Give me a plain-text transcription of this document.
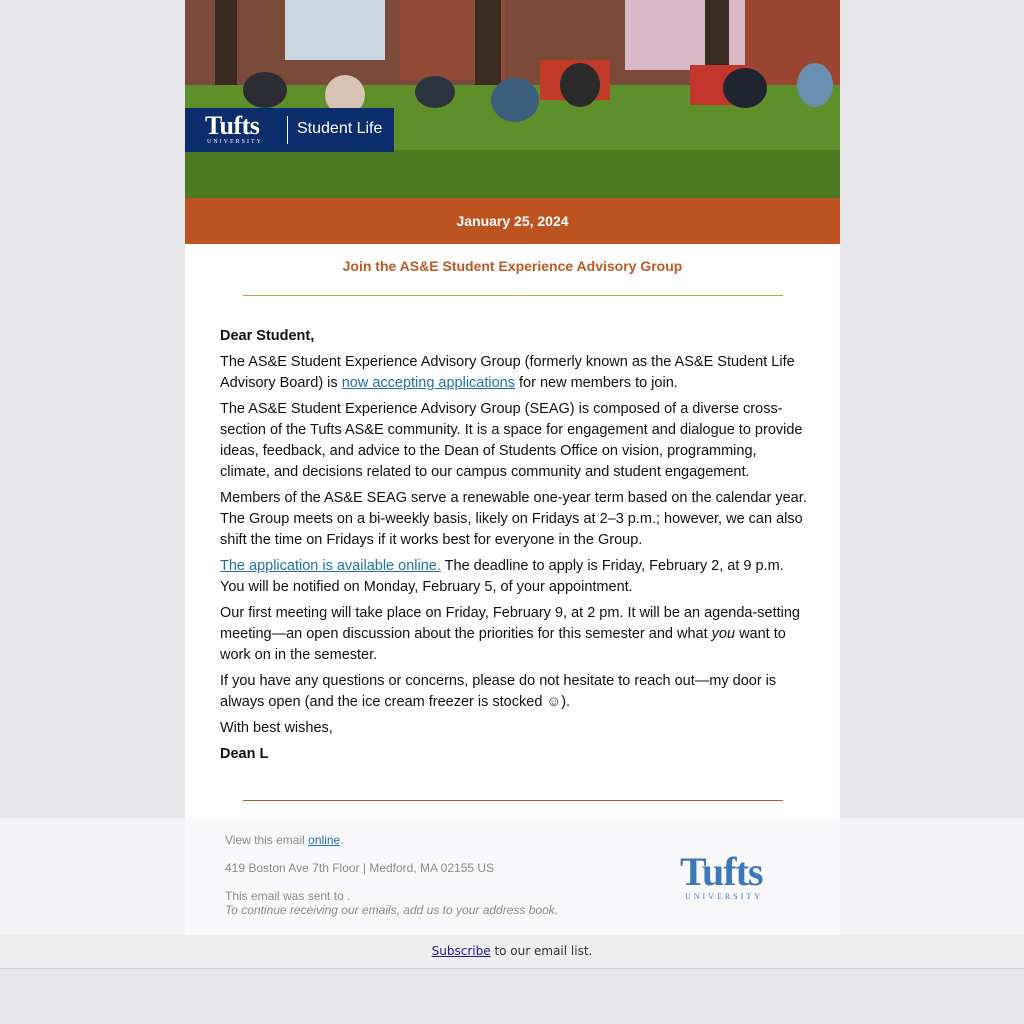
Tufts
UNIVERSITY
Student Life
January 25, 2024
Join the AS&E Student Experience Advisory Group

Dear Student,

The AS&E Student Experience Advisory Group (formerly known as the AS&E Student Life Advisory Board) is now accepting applications for new members to join.

The AS&E Student Experience Advisory Group (SEAG) is composed of a diverse cross-section of the Tufts AS&E community. It is a space for engagement and dialogue to provide ideas, feedback, and advice to the Dean of Students Office on vision, programming, climate, and decisions related to our campus community and student engagement.

Members of the AS&E SEAG serve a renewable one-year term based on the calendar year. The Group meets on a bi-weekly basis, likely on Fridays at 2–3 p.m.; however, we can also shift the time on Fridays if it works best for everyone in the Group.

The application is available online. The deadline to apply is Friday, February 2, at 9 p.m. You will be notified on Monday, February 5, of your appointment.

Our first meeting will take place on Friday, February 9, at 2 pm. It will be an agenda-setting meeting—an open discussion about the priorities for this semester and what you want to work on in the semester.

If you have any questions or concerns, please do not hesitate to reach out—my door is always open (and the ice cream freezer is stocked ☺).

With best wishes,

Dean L

View this email online.
419 Boston Ave 7th Floor | Medford, MA 02155 US
This email was sent to .
To continue receiving our emails, add us to your address book.
Tufts
UNIVERSITY
Subscribe to our email list.
